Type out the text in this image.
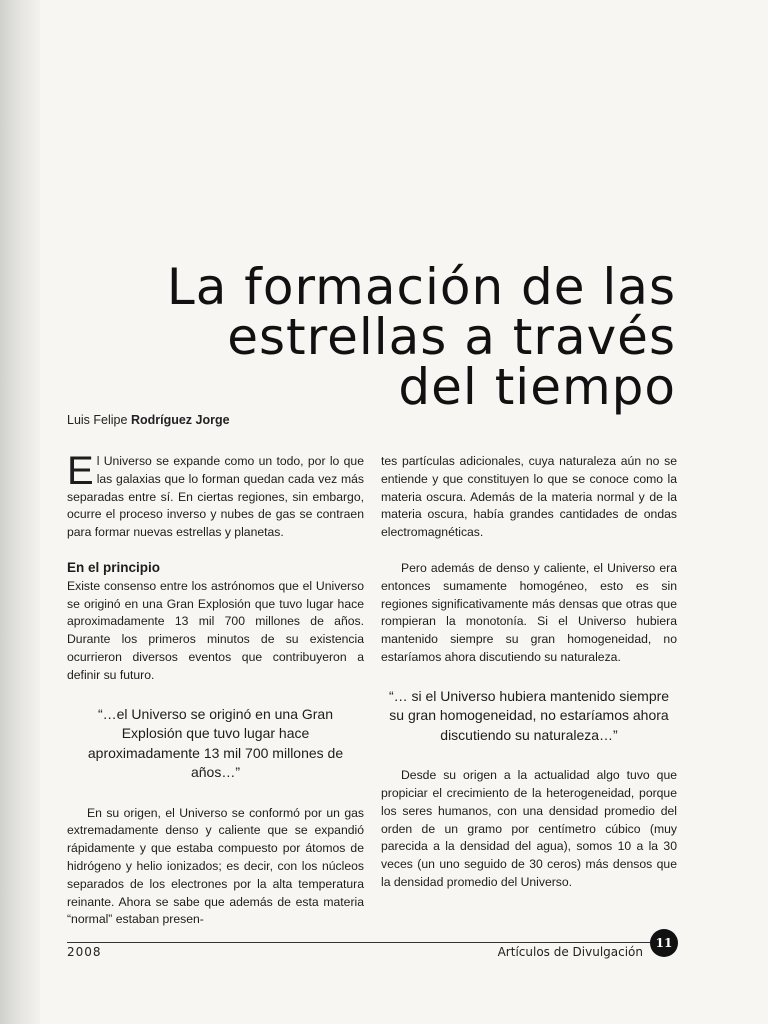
La formación de las
estrellas a través
del tiempo
Luis Felipe Rodríguez Jorge

El Universo se expande como un todo, por lo que las galaxias que lo forman quedan cada vez más separadas entre sí. En ciertas regiones, sin embargo, ocurre el proceso inverso y nubes de gas se contraen para formar nuevas estrellas y planetas.

En el principio

Existe consenso entre los astrónomos que el Universo se originó en una Gran Explosión que tuvo lugar hace aproximadamente 13 mil 700 millones de años. Durante los primeros minutos de su existencia ocurrieron diversos eventos que contribuyeron a definir su futuro.

“…el Universo se originó en una Gran Explosión que tuvo lugar hace aproximadamente 13 mil 700 millones de años…”

En su origen, el Universo se conformó por un gas extremadamente denso y caliente que se expandió rápidamente y que estaba compuesto por átomos de hidrógeno y helio ionizados; es decir, con los núcleos separados de los electrones por la alta temperatura reinante. Ahora se sabe que además de esta materia “normal” estaban presen-

tes partículas adicionales, cuya naturaleza aún no se entiende y que constituyen lo que se conoce como la materia oscura. Además de la materia normal y de la materia oscura, había grandes cantidades de ondas electromagnéticas.

Pero además de denso y caliente, el Universo era entonces sumamente homogéneo, esto es sin regiones significativamente más densas que otras que rompieran la monotonía. Si el Universo hubiera mantenido siempre su gran homogeneidad, no estaríamos ahora discutiendo su naturaleza.

“… si el Universo hubiera mantenido siempre su gran homogeneidad, no estaríamos ahora discutiendo su naturaleza…”

Desde su origen a la actualidad algo tuvo que propiciar el crecimiento de la heterogeneidad, porque los seres humanos, con una densidad promedio del orden de un gramo por centímetro cúbico (muy parecida a la densidad del agua), somos 10 a la 30 veces (un uno seguido de 30 ceros) más densos que la densidad promedio del Universo.

2008	Artículos de Divulgación
11
